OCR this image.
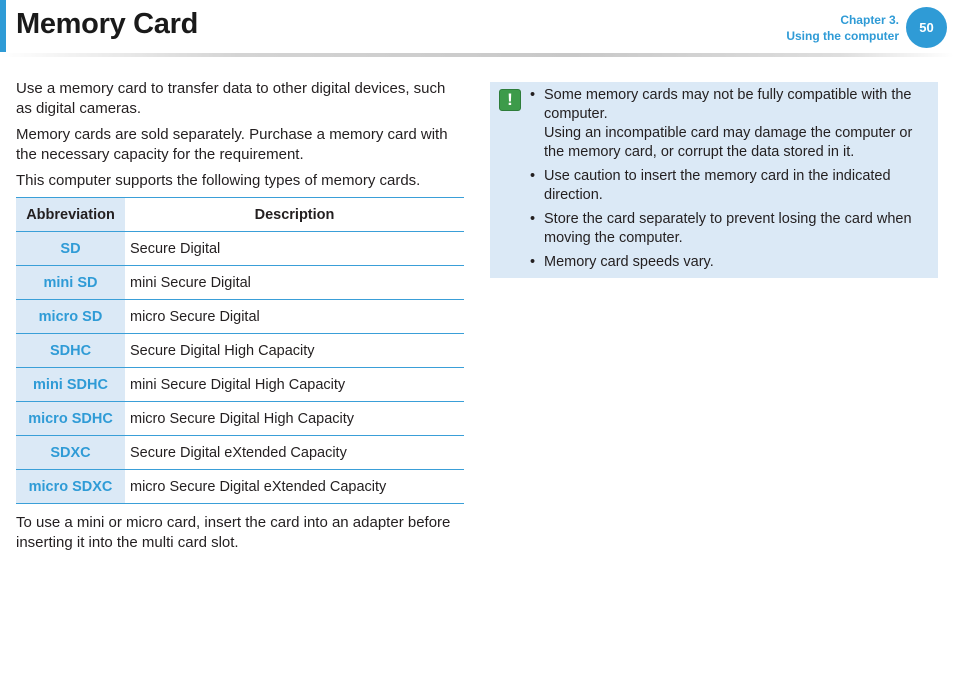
Memory Card	Chapter 3.
Using the computer
50

Use a memory card to transfer data to other digital devices, such as digital cameras.

Memory cards are sold separately. Purchase a memory card with the necessary capacity for the requirement.

This computer supports the following types of memory cards.

Abbreviation	Description
SD	Secure Digital
mini SD	mini Secure Digital
micro SD	micro Secure Digital
SDHC	Secure Digital High Capacity
mini SDHC	mini Secure Digital High Capacity
micro SDHC	micro Secure Digital High Capacity
SDXC	Secure Digital eXtended Capacity
micro SDXC	micro Secure Digital eXtended Capacity

To use a mini or micro card, insert the card into an adapter before inserting it into the multi card slot.

!	• Some memory cards may not be fully compatible with the computer.
Using an incompatible card may damage the computer or the memory card, or corrupt the data stored in it.
• Use caution to insert the memory card in the indicated direction.
• Store the card separately to prevent losing the card when moving the computer.
• Memory card speeds vary.
